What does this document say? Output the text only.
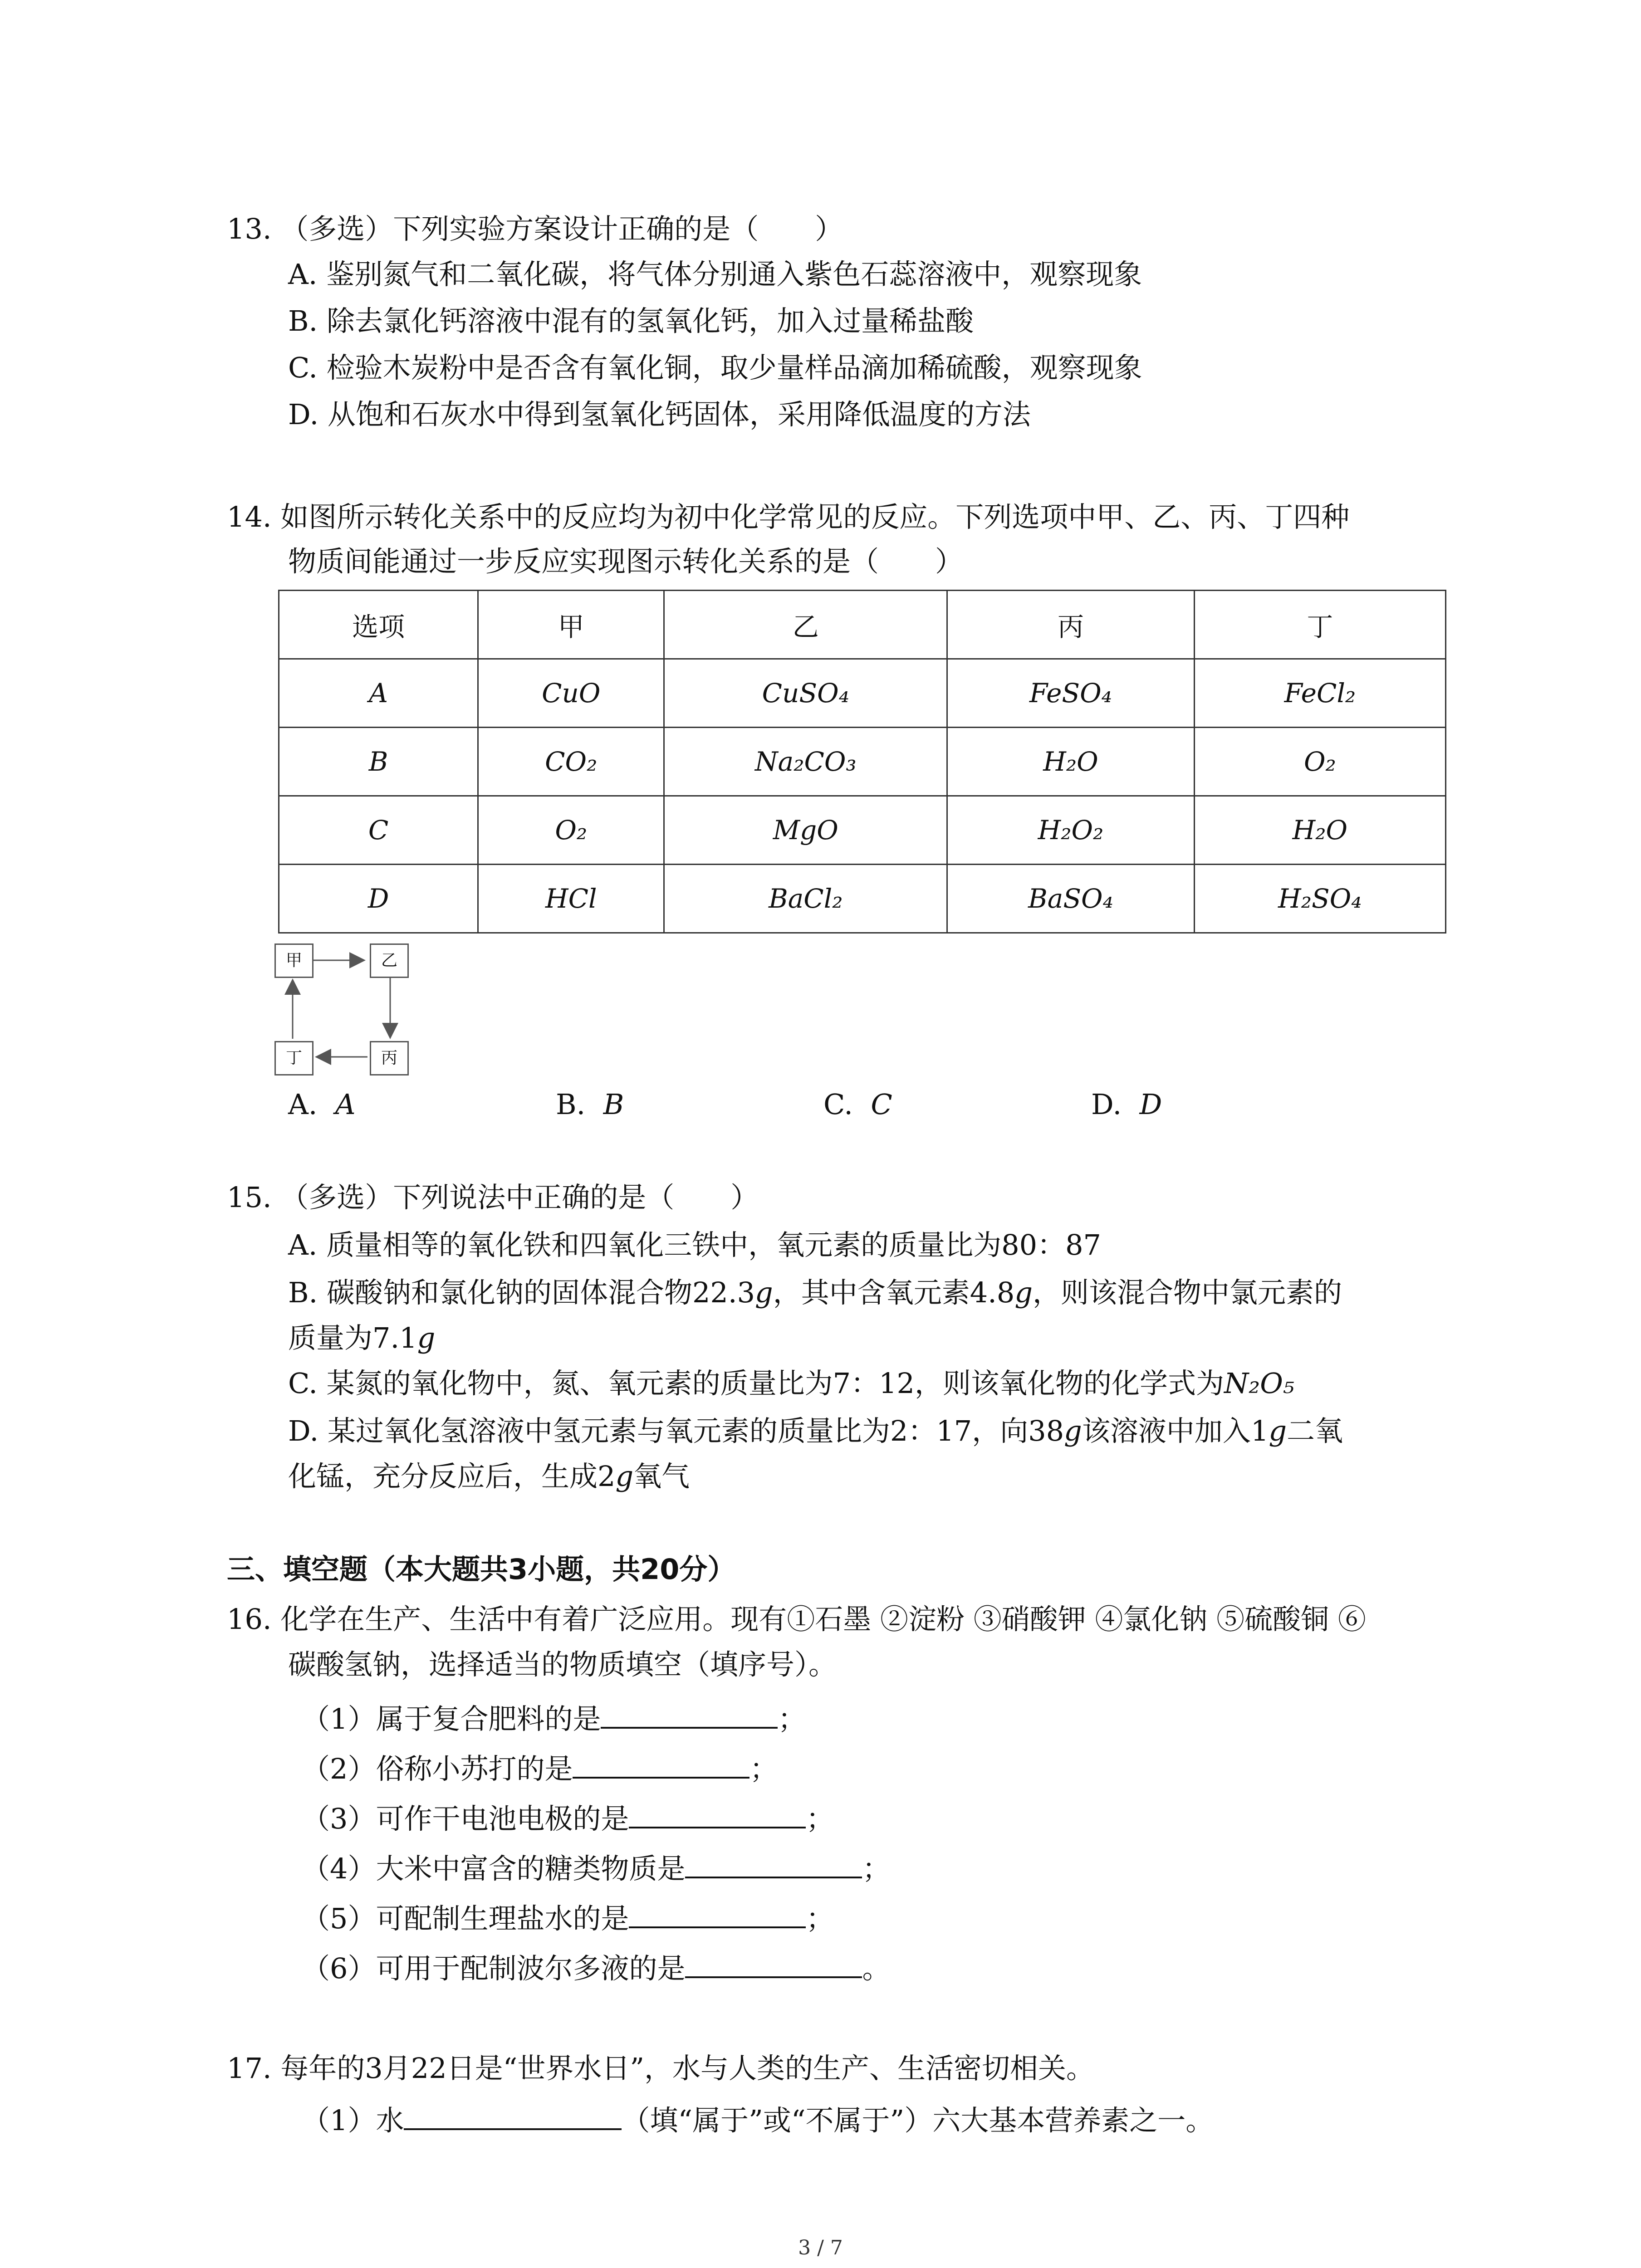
13. （多选）下列实验方案设计正确的是（　　）
A. 鉴别氮气和二氧化碳，将气体分别通入紫色石蕊溶液中，观察现象
B. 除去氯化钙溶液中混有的氢氧化钙，加入过量稀盐酸
C. 检验木炭粉中是否含有氧化铜，取少量样品滴加稀硫酸，观察现象
D. 从饱和石灰水中得到氢氧化钙固体，采用降低温度的方法
14. 如图所示转化关系中的反应均为初中化学常见的反应。下列选项中甲、乙、丙、丁四种
物质间能通过一步反应实现图示转化关系的是（　　）
选项	甲	乙	丙	丁
A	CuO	CuSO₄	FeSO₄	FeCl₂
B	CO₂	Na₂CO₃	H₂O	O₂
C	O₂	MgO	H₂O₂	H₂O
D	HCl	BaCl₂	BaSO₄	H₂SO₄
甲	乙
丙
丁
A. A	B. B	C. C	D. D
15. （多选）下列说法中正确的是（　　）
A. 质量相等的氧化铁和四氧化三铁中，氧元素的质量比为80：87
B. 碳酸钠和氯化钠的固体混合物22.3g，其中含氧元素4.8g，则该混合物中氯元素的
质量为7.1g
C. 某氮的氧化物中，氮、氧元素的质量比为7：12，则该氧化物的化学式为N₂O₅
D. 某过氧化氢溶液中氢元素与氧元素的质量比为2：17，向38g该溶液中加入1g二氧
化锰，充分反应后，生成2g氧气
三、填空题（本大题共3小题，共20分）
16. 化学在生产、生活中有着广泛应用。现有①石墨 ②淀粉 ③硝酸钾 ④氯化钠 ⑤硫酸铜 ⑥
碳酸氢钠，选择适当的物质填空（填序号）。
（1）属于复合肥料的是	；
（2）俗称小苏打的是	；
（3）可作干电池电极的是	；
（4）大米中富含的糖类物质是	；
（5）可配制生理盐水的是	；
（6）可用于配制波尔多液的是	。
17. 每年的3月22日是“世界水日”，水与人类的生产、生活密切相关。
（1）水	（填“属于”或“不属于”）六大基本营养素之一。
3 / 7
